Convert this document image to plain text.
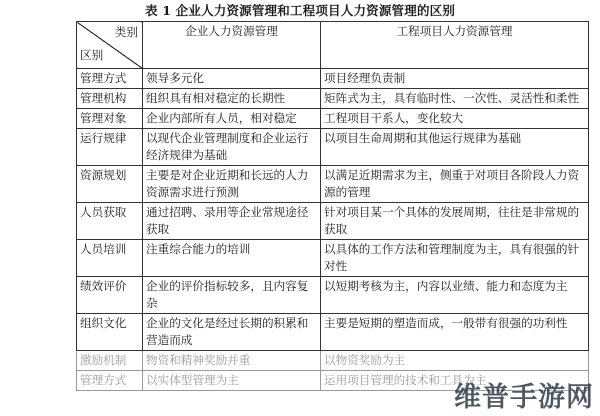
表 1 企业人力资源管理和工程项目人力资源管理的区别
类别
区别	企业人力资源管理	工程项目人力资源管理
管理方式	领导多元化	项目经理负责制
管理机构	组织具有相对稳定的长期性	矩阵式为主，具有临时性、一次性、灵活性和柔性
管理对象	企业内部所有人员，相对稳定	工程项目干系人，变化较大
运行规律	以现代企业管理制度和企业运行经济规律为基础	以项目生命周期和其他运行规律为基础
资源规划	主要是对企业近期和长远的人力资源需求进行预测	以满足近期需求为主，侧重于对项目各阶段人力资源的管理
人员获取	通过招聘、录用等企业常规途径获取	针对项目某一个具体的发展周期，往往是非常规的获取
人员培训	注重综合能力的培训	以具体的工作方法和管理制度为主，具有很强的针对性
绩效评价	企业的评价指标较多，且内容复杂	以短期考核为主，内容以业绩、能力和态度为主
组织文化	企业的文化是经过长期的积累和营造而成	主要是短期的塑造而成，一般带有很强的功利性
激励机制	物资和精神奖励并重	以物资奖励为主
管理方式	以实体型管理为主	运用项目管理的技术和工具为主
维普手游网
